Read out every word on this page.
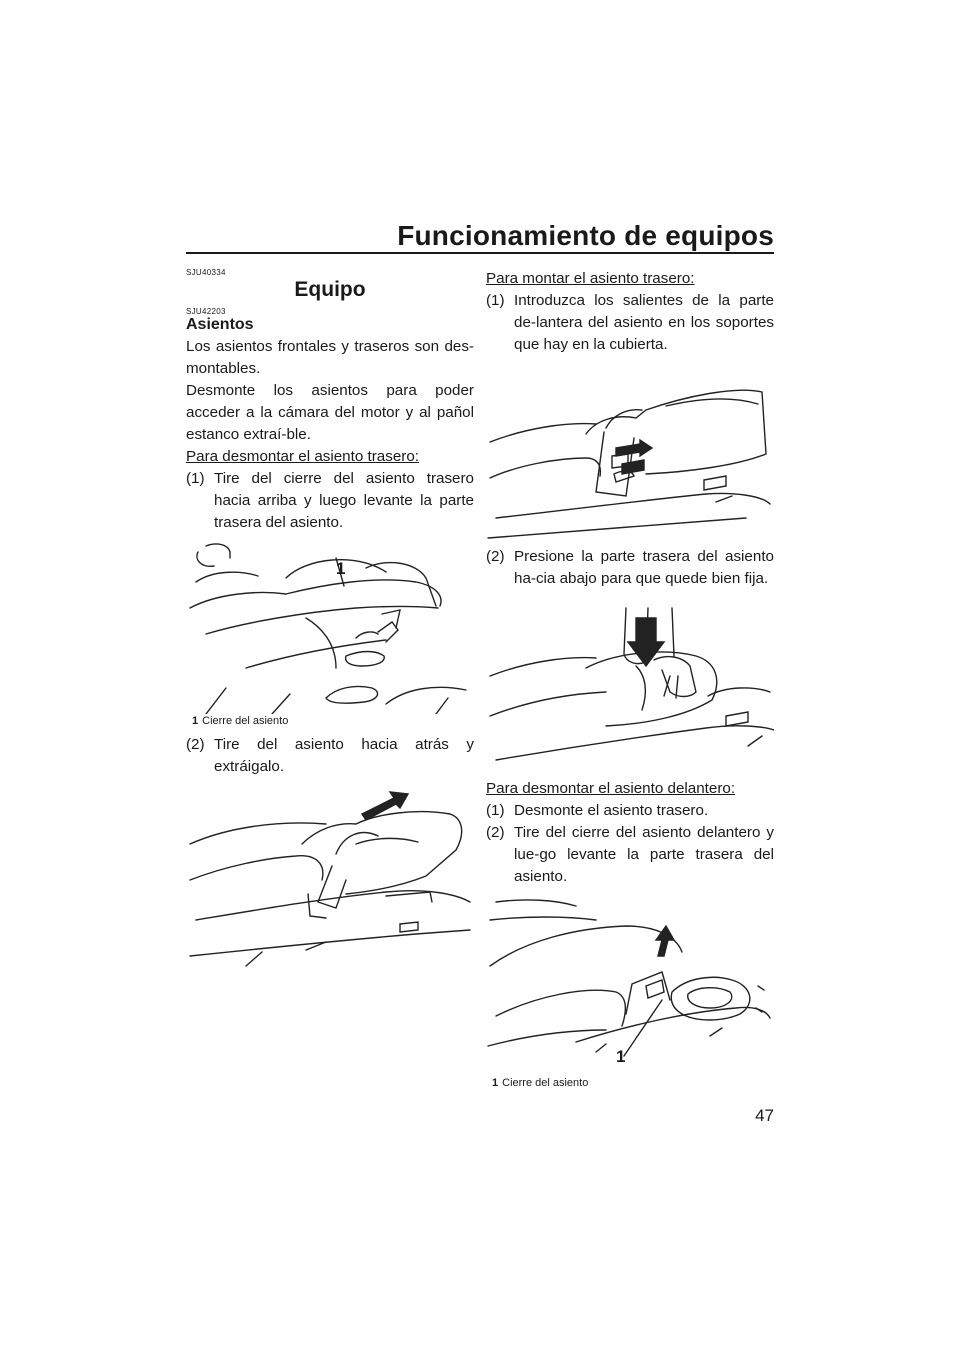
Funcionamiento de equipos
SJU40334
Equipo
SJU42203
Asientos

Los asientos frontales y traseros son des-montables.

Desmonte los asientos para poder acceder a la cámara del motor y al pañol estanco extraí-ble.

Para desmontar el asiento trasero:

(1) Tire del cierre del asiento trasero hacia arriba y luego levante la parte trasera del asiento.
1
1 Cierre del asiento
(2) Tire del asiento hacia atrás y extráigalo.

Para montar el asiento trasero:

(1) Introduzca los salientes de la parte de-lantera del asiento en los soportes que hay en la cubierta.
(2) Presione la parte trasera del asiento ha-cia abajo para que quede bien fija.

Para desmontar el asiento delantero:

(1) Desmonte el asiento trasero.
(2) Tire del cierre del asiento delantero y lue-go levante la parte trasera del asiento.
1
1 Cierre del asiento
47
